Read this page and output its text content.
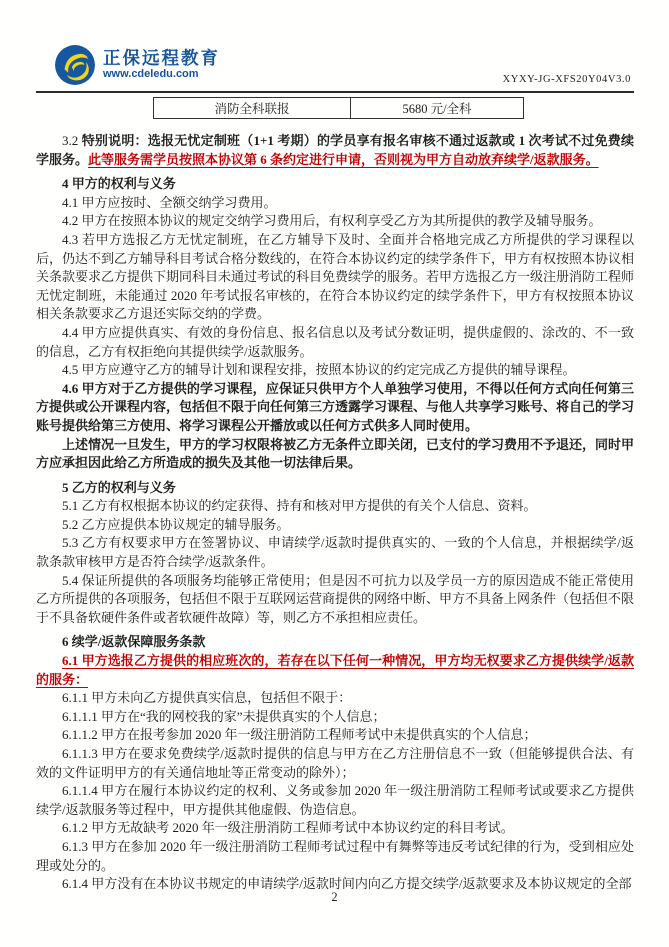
正保远程教育
www.cdeledu.com	XYXY-JG-XFS20Y04V3.0
消防全科联报	5680 元/全科

3.2 特别说明：选报无忧定制班（1+1 考期）的学员享有报名审核不通过返款或 1 次考试不过免费续学服务。此等服务需学员按照本协议第 6 条约定进行申请，否则视为甲方自动放弃续学/返款服务。

4 甲方的权利与义务

4.1 甲方应按时、全额交纳学习费用。

4.2 甲方在按照本协议的规定交纳学习费用后，有权利享受乙方为其所提供的教学及辅导服务。

4.3 若甲方选报乙方无忧定制班，在乙方辅导下及时、全面并合格地完成乙方所提供的学习课程以后，仍达不到乙方辅导科目考试合格分数线的，在符合本协议约定的续学条件下，甲方有权按照本协议相关条款要求乙方提供下期同科目未通过考试的科目免费续学的服务。若甲方选报乙方一级注册消防工程师无忧定制班，未能通过 2020 年考试报名审核的，在符合本协议约定的续学条件下，甲方有权按照本协议相关条款要求乙方退还实际交纳的学费。

4.4 甲方应提供真实、有效的身份信息、报名信息以及考试分数证明，提供虚假的、涂改的、不一致的信息，乙方有权拒绝向其提供续学/返款服务。

4.5 甲方应遵守乙方的辅导计划和课程安排，按照本协议的约定完成乙方提供的辅导课程。

4.6 甲方对于乙方提供的学习课程，应保证只供甲方个人单独学习使用，不得以任何方式向任何第三方提供或公开课程内容，包括但不限于向任何第三方透露学习课程、与他人共享学习账号、将自己的学习账号提供给第三方使用、将学习课程公开播放或以任何方式供多人同时使用。

上述情况一旦发生，甲方的学习权限将被乙方无条件立即关闭，已支付的学习费用不予退还，同时甲方应承担因此给乙方所造成的损失及其他一切法律后果。

5 乙方的权利与义务

5.1 乙方有权根据本协议的约定获得、持有和核对甲方提供的有关个人信息、资料。

5.2 乙方应提供本协议规定的辅导服务。

5.3 乙方有权要求甲方在签署协议、申请续学/返款时提供真实的、一致的个人信息，并根据续学/返款条款审核甲方是否符合续学/返款条件。

5.4 保证所提供的各项服务均能够正常使用；但是因不可抗力以及学员一方的原因造成不能正常使用乙方所提供的各项服务，包括但不限于互联网运营商提供的网络中断、甲方不具备上网条件（包括但不限于不具备软硬件条件或者软硬件故障）等，则乙方不承担相应责任。

6 续学/返款保障服务条款

6.1 甲方选报乙方提供的相应班次的，若存在以下任何一种情况，甲方均无权要求乙方提供续学/返款的服务：

6.1.1 甲方未向乙方提供真实信息，包括但不限于：

6.1.1.1 甲方在“我的网校我的家”未提供真实的个人信息；

6.1.1.2 甲方在报考参加 2020 年一级注册消防工程师考试中未提供真实的个人信息；

6.1.1.3 甲方在要求免费续学/返款时提供的信息与甲方在乙方注册信息不一致（但能够提供合法、有效的文件证明甲方的有关通信地址等正常变动的除外）；

6.1.1.4 甲方在履行本协议约定的权利、义务或参加 2020 年一级注册消防工程师考试或要求乙方提供续学/返款服务等过程中，甲方提供其他虚假、伪造信息。

6.1.2 甲方无故缺考 2020 年一级注册消防工程师考试中本协议约定的科目考试。

6.1.3 甲方在参加 2020 年一级注册消防工程师考试过程中有舞弊等违反考试纪律的行为，受到相应处理或处分的。

6.1.4 甲方没有在本协议书规定的申请续学/返款时间内向乙方提交续学/返款要求及本协议规定的全部

2
